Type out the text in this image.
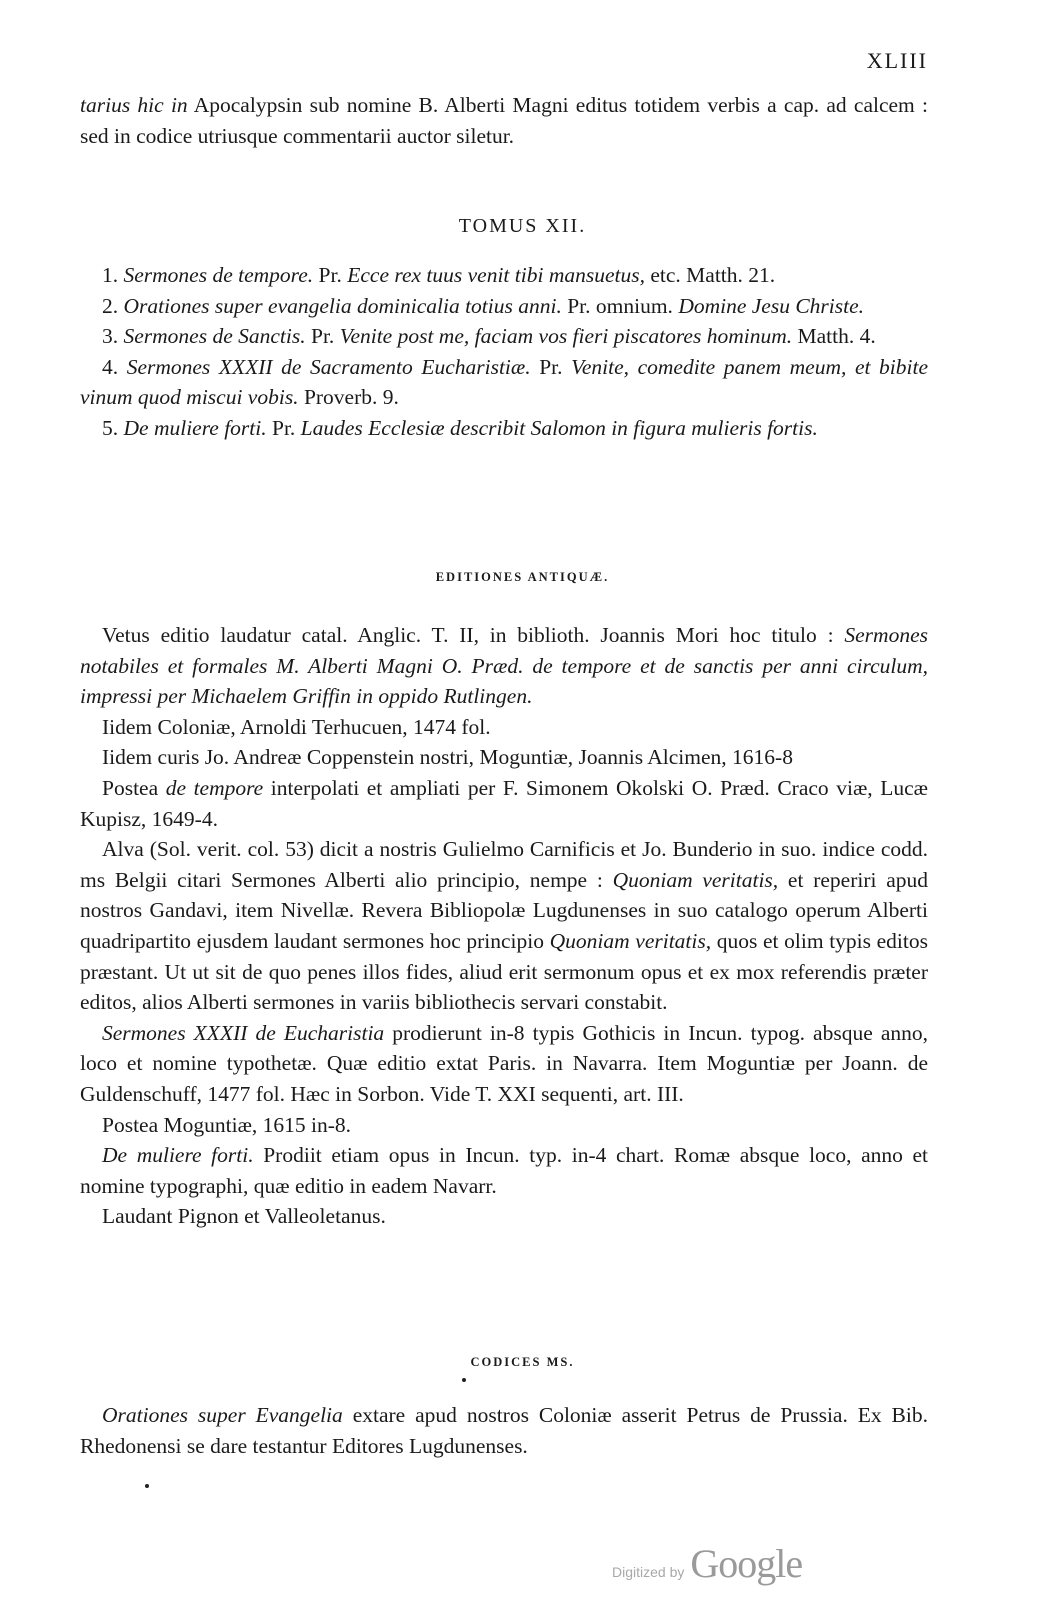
XLIII

tarius hic in Apocalypsin sub nomine B. Alberti Magni editus totidem verbis a cap. ad calcem : sed in codice utriusque commentarii auctor siletur.

TOMUS XII.

1. Sermones de tempore. Pr. Ecce rex tuus venit tibi mansuetus, etc. Matth. 21.

2. Orationes super evangelia dominicalia totius anni. Pr. omnium. Domine Jesu Christe.

3. Sermones de Sanctis. Pr. Venite post me, faciam vos fieri piscatores hominum. Matth. 4.

4. Sermones XXXII de Sacramento Eucharistiæ. Pr. Venite, comedite panem meum, et bibite vinum quod miscui vobis. Proverb. 9.

5. De muliere forti. Pr. Laudes Ecclesiæ describit Salomon in figura mulieris fortis.

EDITIONES ANTIQUÆ.

Vetus editio laudatur catal. Anglic. T. II, in biblioth. Joannis Mori hoc titulo : Sermones notabiles et formales M. Alberti Magni O. Præd. de tempore et de sanctis per anni circulum, impressi per Michaelem Griffin in oppido Rutlingen.

Iidem Coloniæ, Arnoldi Terhucuen, 1474 fol.

Iidem curis Jo. Andreæ Coppenstein nostri, Moguntiæ, Joannis Alcimen, 1616-8

Postea de tempore interpolati et ampliati per F. Simonem Okolski O. Præd. Craco viæ, Lucæ Kupisz, 1649-4.

Alva (Sol. verit. col. 53) dicit a nostris Gulielmo Carnificis et Jo. Bunderio in suo. indice codd. ms Belgii citari Sermones Alberti alio principio, nempe : Quoniam veritatis, et reperiri apud nostros Gandavi, item Nivellæ. Revera Bibliopolæ Lugdunenses in suo catalogo operum Alberti quadripartito ejusdem laudant sermones hoc principio Quoniam veritatis, quos et olim typis editos præstant. Ut ut sit de quo penes illos fides, aliud erit sermonum opus et ex mox referendis præter editos, alios Alberti sermones in variis bibliothecis servari constabit.

Sermones XXXII de Eucharistia prodierunt in-8 typis Gothicis in Incun. typog. absque anno, loco et nomine typothetæ. Quæ editio extat Paris. in Navarra. Item Moguntiæ per Joann. de Guldenschuff, 1477 fol. Hæc in Sorbon. Vide T. XXI sequenti, art. III.

Postea Moguntiæ, 1615 in-8.

De muliere forti. Prodiit etiam opus in Incun. typ. in-4 chart. Romæ absque loco, anno et nomine typographi, quæ editio in eadem Navarr.

Laudant Pignon et Valleoletanus.

CODICES MS.

Orationes super Evangelia extare apud nostros Coloniæ asserit Petrus de Prussia. Ex Bib. Rhedonensi se dare testantur Editores Lugdunenses.

Digitized by Google
